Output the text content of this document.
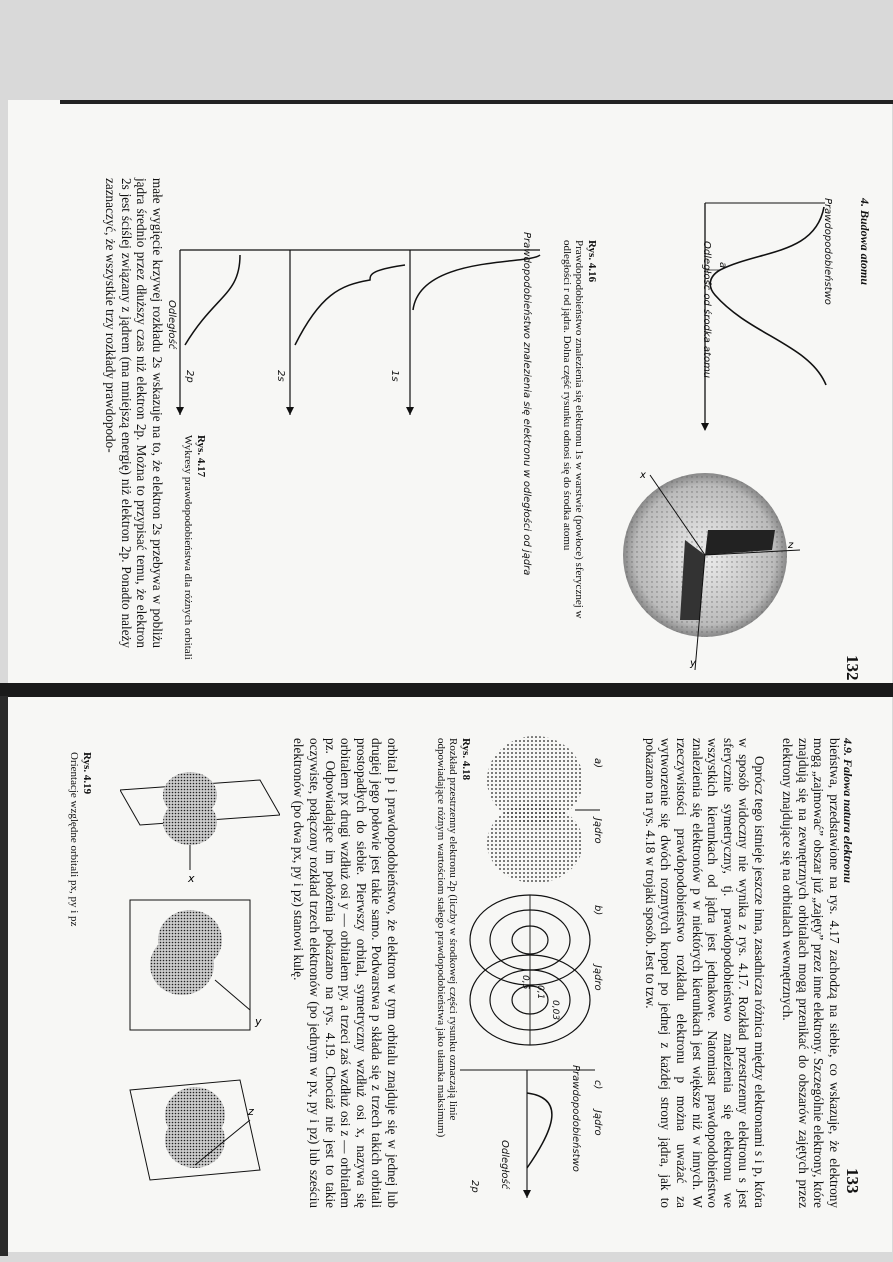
4. Budowa atomu
132
Prawdopodobieństwo
Odległość od środka atomu a
Rys. 4.16
Prawdopodobieństwo znalezienia się elektronu 1s w warstwie (powłoce) sferycznej w odległości r od jądra. Dolna część rysunku odnosi się do środka atomu	x
z
y
Prawdopodobieństwo znalezienia się elektronu w odległości od jądra
1s
2s
2p
Odległość
Rys. 4.17
Wykresy prawdopodobieństwa dla różnych orbitali
małe wygięcie krzywej rozkładu 2s wskazuje na to, że elektron 2s przebywa w pobliżu jądra średnio przez dłuższy czas niż elektron 2p. Można to przypisać temu, że elektron 2s jest ściślej związany z jądrem (ma mniejszą energię) niż elektron 2p. Ponadto należy zaznaczyć, że wszystkie trzy rozkłady prawdopodo-
4.9. Falowa natura elektronu
133
bieństwa, przedstawione na rys. 4.17 zachodzą na siebie, co wskazuje, że elektrony mogą „zajmować” obszar już „zajęty” przez inne elektrony. Szczególnie elektrony, które znajdują się na zewnętrznych orbitalach mogą przenikać do obszarów zajętych przez elektrony znajdujące się na orbitalach wewnętrznych.
Oprócz tego istnieje jeszcze inna, zasadnicza różnica między elektronami s i p, która w sposób widoczny nie wynika z rys. 4.17. Rozkład przestrzenny elektronu s jest sferycznie symetryczny, tj. prawdopodobieństwo znalezienia się elektronu we wszystkich kierunkach od jądra jest jednakowe. Natomiast prawdopodobieństwo znalezienia się elektronów p w niektórych kierunkach jest większe niż w innych. W rzeczywistości prawdopodobieństwo rozkładu elektronu p można uważać za wytworzenie się dwóch rozmytych kropel po jednej z każdej strony jądra, jak to pokazano na rys. 4.18 w trojaki sposób. Jest to tzw.
Jądro
a)
Jądro
b)
0,03
0,1
0,5
c)
Jądro
Prawdopodobieństwo
Odległość
2p
Rys. 4.18
Rozkład przestrzenny elektronu 2p (liczby w środkowej części rysunku oznaczają linie odpowiadające różnym wartościom stałego prawdopodobieństwa jako ułamka maksimum)
orbital p i prawdopodobieństwo, że elektron w tym orbitalu znajduje się w jednej lub drugiej jego połowie jest takie samo. Podwarstwa p składa się z trzech takich orbitali prostopadłych do siebie. Pierwszy orbital, symetryczny wzdłuż osi x, nazywa się orbitalem px drugi wzdłuż osi y — orbitalem py, a trzeci zaś wzdłuż osi z — orbitalem pz. Odpowiadające im położenia pokazano na rys. 4.19. Chociaż nie jest to takie oczywiste, połączony rozkład trzech elektronów (po jednym w px, py i pz) lub sześciu elektronów (po dwa px, py i pz) stanowi kulę.
x
y
z
Rys. 4.19
Orientacje względne orbitali px, py i pz
